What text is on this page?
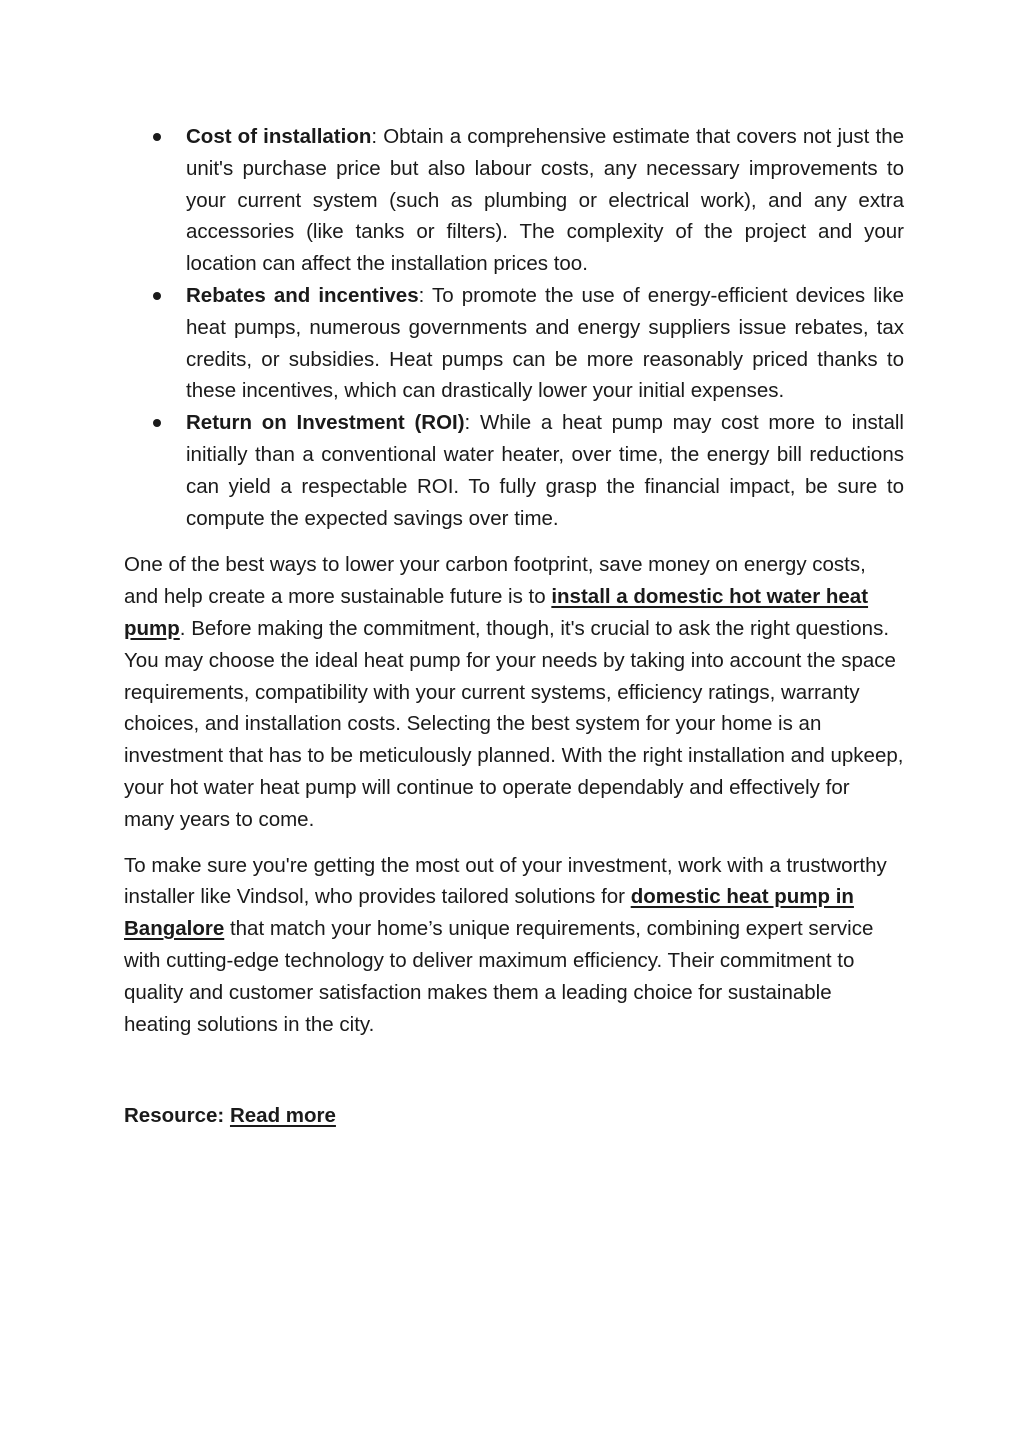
Cost of installation: Obtain a comprehensive estimate that covers not just the unit's purchase price but also labour costs, any necessary improvements to your current system (such as plumbing or electrical work), and any extra accessories (like tanks or filters). The complexity of the project and your location can affect the installation prices too.
Rebates and incentives: To promote the use of energy-efficient devices like heat pumps, numerous governments and energy suppliers issue rebates, tax credits, or subsidies. Heat pumps can be more reasonably priced thanks to these incentives, which can drastically lower your initial expenses.
Return on Investment (ROI): While a heat pump may cost more to install initially than a conventional water heater, over time, the energy bill reductions can yield a respectable ROI. To fully grasp the financial impact, be sure to compute the expected savings over time.

One of the best ways to lower your carbon footprint, save money on energy costs, and help create a more sustainable future is to install a domestic hot water heat pump. Before making the commitment, though, it's crucial to ask the right questions. You may choose the ideal heat pump for your needs by taking into account the space requirements, compatibility with your current systems, efficiency ratings, warranty choices, and installation costs. Selecting the best system for your home is an investment that has to be meticulously planned. With the right installation and upkeep, your hot water heat pump will continue to operate dependably and effectively for many years to come.

To make sure you're getting the most out of your investment, work with a trustworthy installer like Vindsol, who provides tailored solutions for domestic heat pump in Bangalore that match your home’s unique requirements, combining expert service with cutting-edge technology to deliver maximum efficiency. Their commitment to quality and customer satisfaction makes them a leading choice for sustainable heating solutions in the city.

Resource: Read more
